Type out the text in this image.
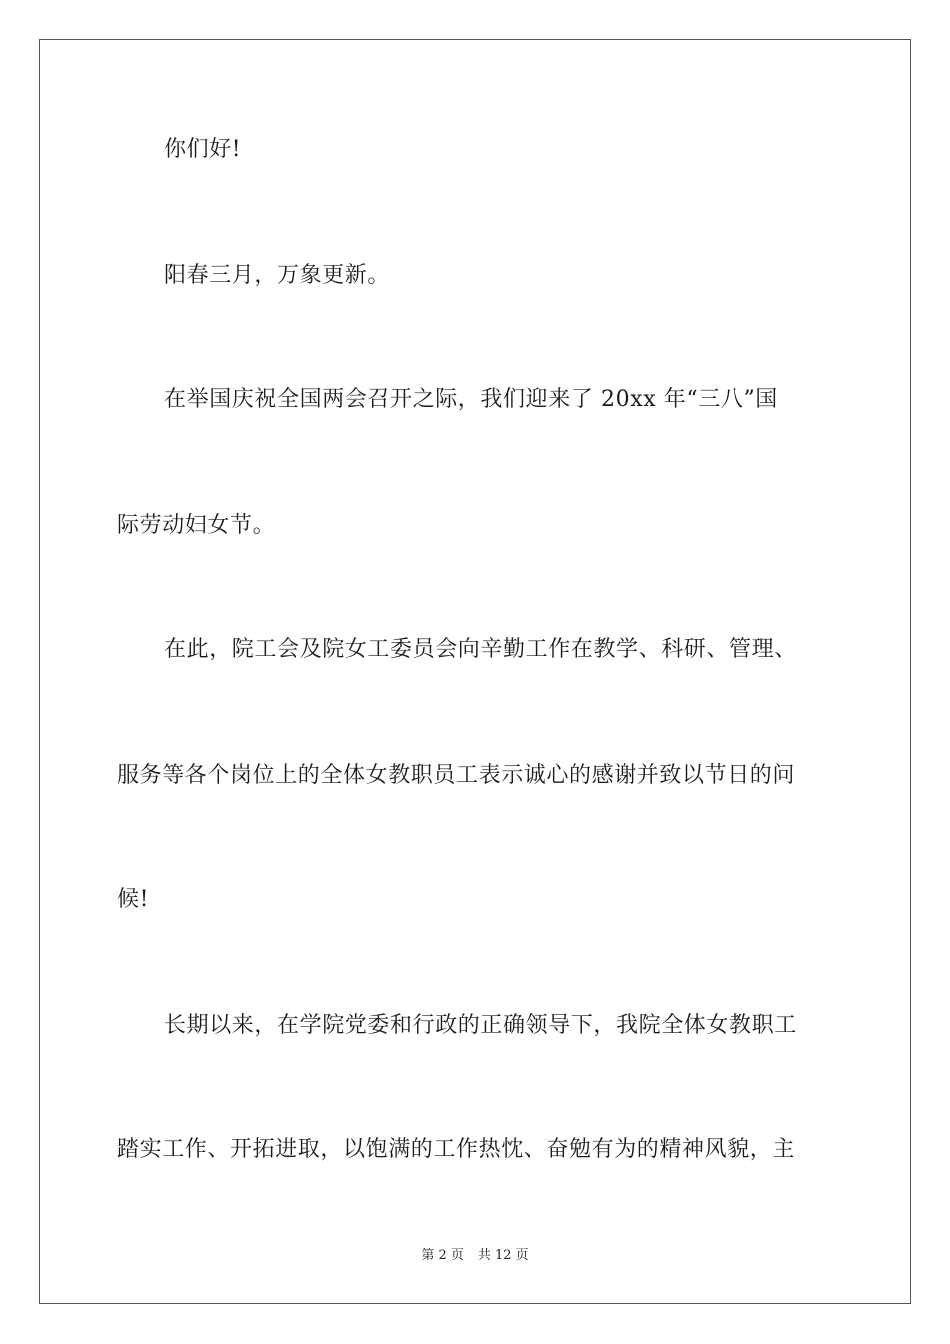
你们好!
阳春三月，万象更新。
在举国庆祝全国两会召开之际，我们迎来了 20xx 年“三八”国
际劳动妇女节。
在此，院工会及院女工委员会向辛勤工作在教学、科研、管理、
服务等各个岗位上的全体女教职员工表示诚心的感谢并致以节日的问
候!
长期以来，在学院党委和行政的正确领导下，我院全体女教职工
踏实工作、开拓进取，以饱满的工作热忱、奋勉有为的精神风貌，主
第 2 页 共 12 页
